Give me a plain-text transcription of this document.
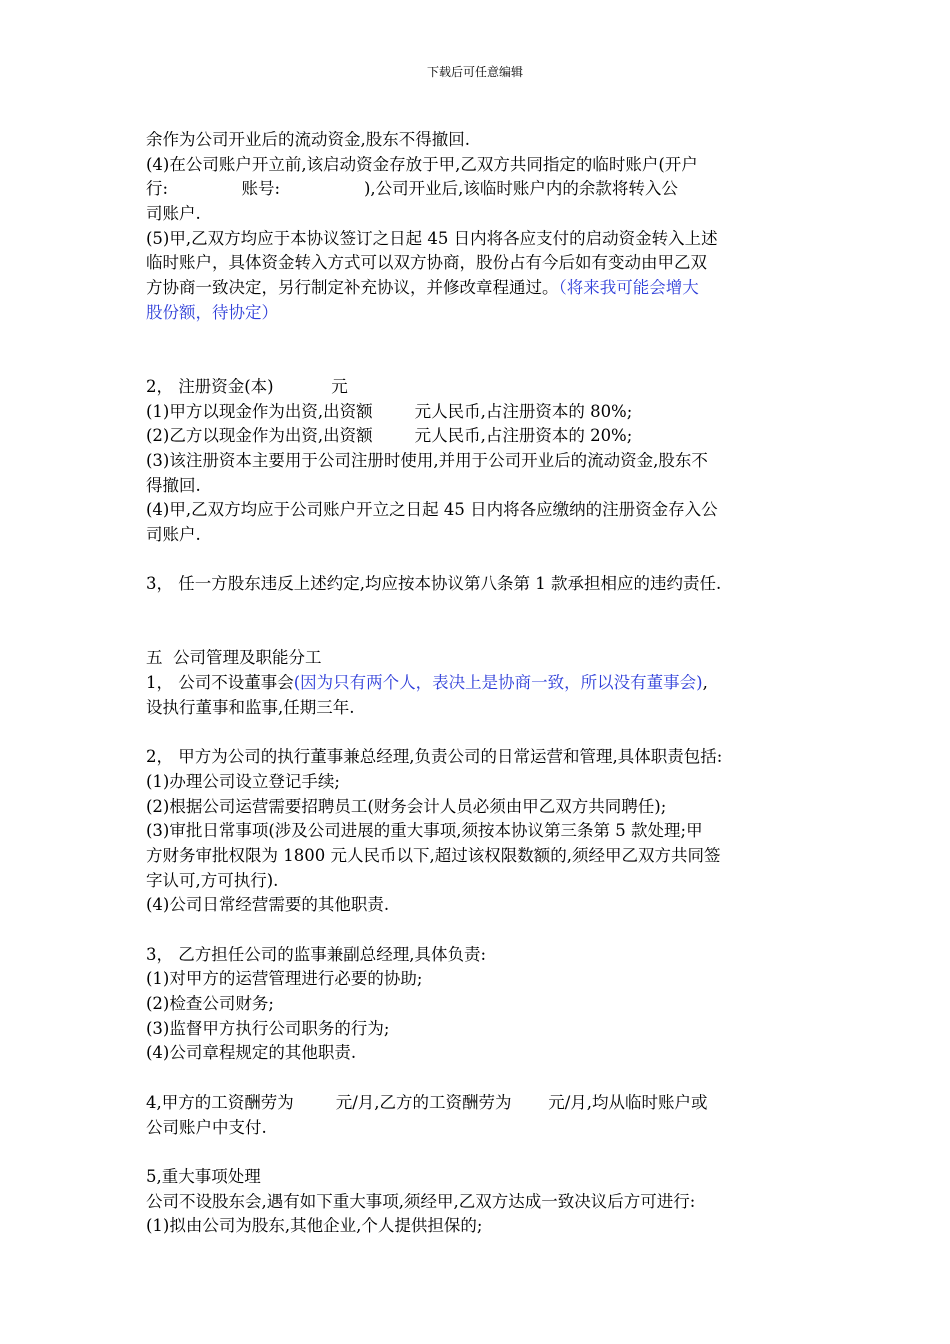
下载后可任意编辑
余作为公司开业后的流动资金,股东不得撤回.
(4)在公司账户开立前,该启动资金存放于甲,乙双方共同指定的临时账户(开户
行:              账号:                ),公司开业后,该临时账户内的余款将转入公
司账户.
(5)甲,乙双方均应于本协议签订之日起 45 日内将各应支付的启动资金转入上述
临时账户，具体资金转入方式可以双方协商，股份占有今后如有变动由甲乙双
方协商一致决定，另行制定补充协议，并修改章程通过。（将来我可能会增大
股份额，待协定）
2， 注册资金(本)           元
(1)甲方以现金作为出资,出资额        元人民币,占注册资本的 80%;
(2)乙方以现金作为出资,出资额        元人民币,占注册资本的 20%;
(3)该注册资本主要用于公司注册时使用,并用于公司开业后的流动资金,股东不
得撤回.
(4)甲,乙双方均应于公司账户开立之日起 45 日内将各应缴纳的注册资金存入公
司账户.
3， 任一方股东违反上述约定,均应按本协议第八条第 1 款承担相应的违约责任.
五  公司管理及职能分工
1， 公司不设董事会(因为只有两个人，表决上是协商一致，所以没有董事会),
设执行董事和监事,任期三年.
2， 甲方为公司的执行董事兼总经理,负责公司的日常运营和管理,具体职责包括:
(1)办理公司设立登记手续;
(2)根据公司运营需要招聘员工(财务会计人员必须由甲乙双方共同聘任);
(3)审批日常事项(涉及公司进展的重大事项,须按本协议第三条第 5 款处理;甲
方财务审批权限为 1800 元人民币以下,超过该权限数额的,须经甲乙双方共同签
字认可,方可执行).
(4)公司日常经营需要的其他职责.
3， 乙方担任公司的监事兼副总经理,具体负责:
(1)对甲方的运营管理进行必要的协助;
(2)检查公司财务;
(3)监督甲方执行公司职务的行为;
(4)公司章程规定的其他职责.
4,甲方的工资酬劳为        元/月,乙方的工资酬劳为       元/月,均从临时账户或
公司账户中支付.
5,重大事项处理
公司不设股东会,遇有如下重大事项,须经甲,乙双方达成一致决议后方可进行:
(1)拟由公司为股东,其他企业,个人提供担保的;
